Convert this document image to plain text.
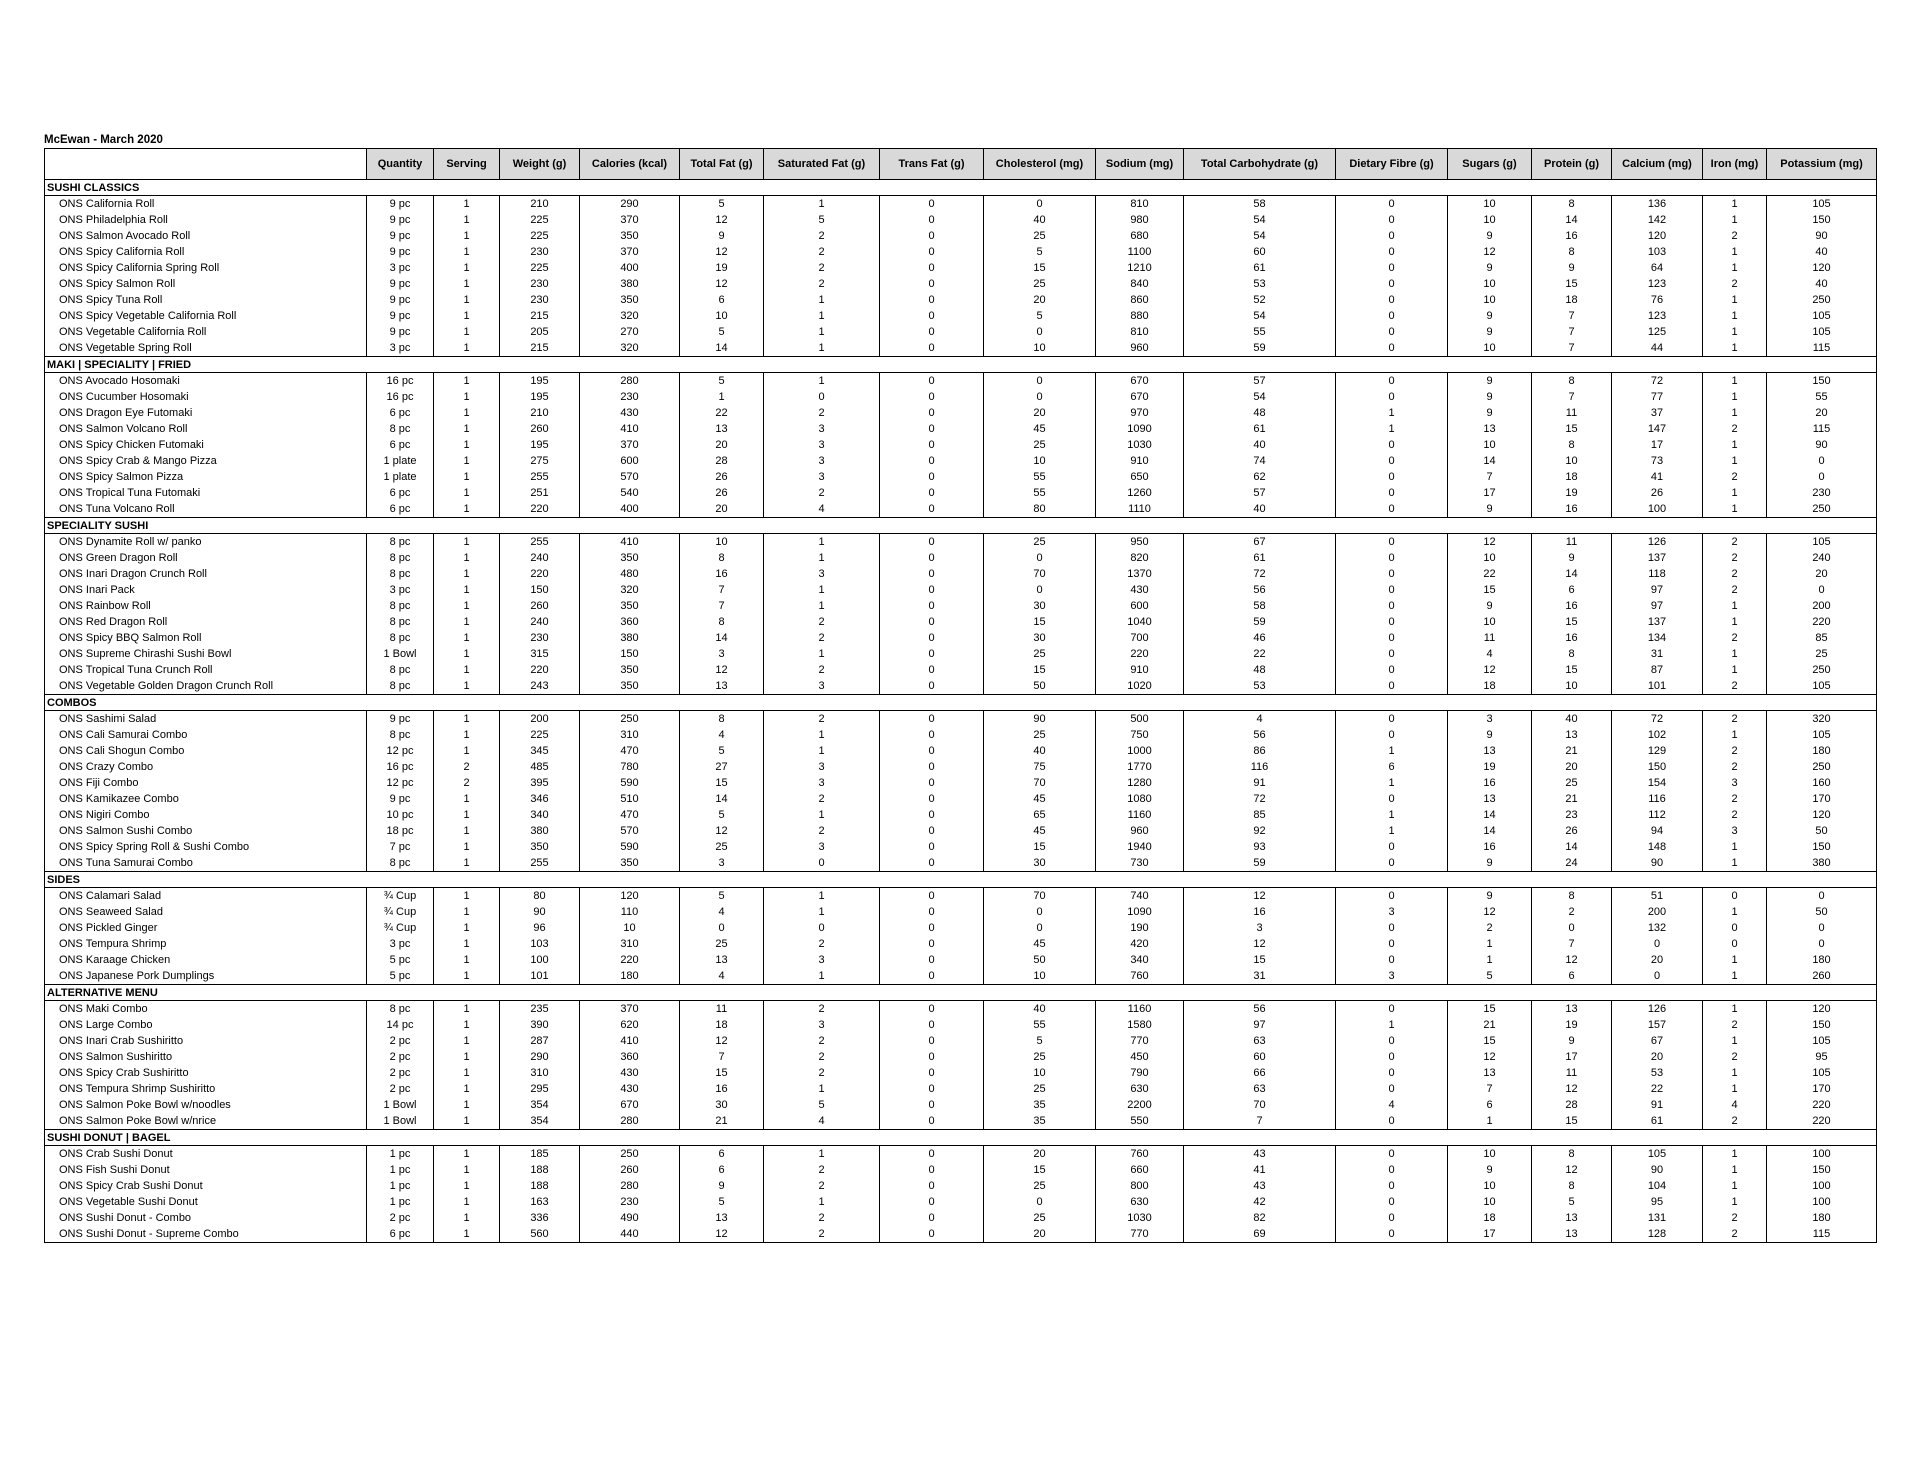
McEwan - March 2020
	Quantity	Serving	Weight (g)	Calories (kcal)	Total Fat (g)	Saturated Fat (g)	Trans Fat (g)	Cholesterol (mg)	Sodium (mg)	Total Carbohydrate (g)	Dietary Fibre (g)	Sugars (g)	Protein (g)	Calcium (mg)	Iron (mg)	Potassium (mg)
SUSHI CLASSICS																
ONS California Roll	9 pc	1	210	290	5	1	0	0	810	58	0	10	8	136	1	105
ONS Philadelphia Roll	9 pc	1	225	370	12	5	0	40	980	54	0	10	14	142	1	150
ONS Salmon Avocado Roll	9 pc	1	225	350	9	2	0	25	680	54	0	9	16	120	2	90
ONS Spicy California Roll	9 pc	1	230	370	12	2	0	5	1100	60	0	12	8	103	1	40
ONS Spicy California Spring Roll	3 pc	1	225	400	19	2	0	15	1210	61	0	9	9	64	1	120
ONS Spicy Salmon Roll	9 pc	1	230	380	12	2	0	25	840	53	0	10	15	123	2	40
ONS Spicy Tuna Roll	9 pc	1	230	350	6	1	0	20	860	52	0	10	18	76	1	250
ONS Spicy Vegetable California Roll	9 pc	1	215	320	10	1	0	5	880	54	0	9	7	123	1	105
ONS Vegetable California Roll	9 pc	1	205	270	5	1	0	0	810	55	0	9	7	125	1	105
ONS Vegetable Spring Roll	3 pc	1	215	320	14	1	0	10	960	59	0	10	7	44	1	115
MAKI | SPECIALITY | FRIED																
ONS Avocado Hosomaki	16 pc	1	195	280	5	1	0	0	670	57	0	9	8	72	1	150
ONS Cucumber Hosomaki	16 pc	1	195	230	1	0	0	0	670	54	0	9	7	77	1	55
ONS Dragon Eye Futomaki	6 pc	1	210	430	22	2	0	20	970	48	1	9	11	37	1	20
ONS Salmon Volcano Roll	8 pc	1	260	410	13	3	0	45	1090	61	1	13	15	147	2	115
ONS Spicy Chicken Futomaki	6 pc	1	195	370	20	3	0	25	1030	40	0	10	8	17	1	90
ONS Spicy Crab & Mango Pizza	1 plate	1	275	600	28	3	0	10	910	74	0	14	10	73	1	0
ONS Spicy Salmon Pizza	1 plate	1	255	570	26	3	0	55	650	62	0	7	18	41	2	0
ONS Tropical Tuna Futomaki	6 pc	1	251	540	26	2	0	55	1260	57	0	17	19	26	1	230
ONS Tuna Volcano Roll	6 pc	1	220	400	20	4	0	80	1110	40	0	9	16	100	1	250
SPECIALITY SUSHI																
ONS Dynamite Roll w/ panko	8 pc	1	255	410	10	1	0	25	950	67	0	12	11	126	2	105
ONS Green Dragon Roll	8 pc	1	240	350	8	1	0	0	820	61	0	10	9	137	2	240
ONS Inari Dragon Crunch Roll	8 pc	1	220	480	16	3	0	70	1370	72	0	22	14	118	2	20
ONS Inari Pack	3 pc	1	150	320	7	1	0	0	430	56	0	15	6	97	2	0
ONS Rainbow Roll	8 pc	1	260	350	7	1	0	30	600	58	0	9	16	97	1	200
ONS Red Dragon Roll	8 pc	1	240	360	8	2	0	15	1040	59	0	10	15	137	1	220
ONS Spicy BBQ Salmon Roll	8 pc	1	230	380	14	2	0	30	700	46	0	11	16	134	2	85
ONS Supreme Chirashi Sushi Bowl	1 Bowl	1	315	150	3	1	0	25	220	22	0	4	8	31	1	25
ONS Tropical Tuna Crunch Roll	8 pc	1	220	350	12	2	0	15	910	48	0	12	15	87	1	250
ONS Vegetable Golden Dragon Crunch Roll	8 pc	1	243	350	13	3	0	50	1020	53	0	18	10	101	2	105
COMBOS																
ONS Sashimi Salad	9 pc	1	200	250	8	2	0	90	500	4	0	3	40	72	2	320
ONS Cali Samurai Combo	8 pc	1	225	310	4	1	0	25	750	56	0	9	13	102	1	105
ONS Cali Shogun Combo	12 pc	1	345	470	5	1	0	40	1000	86	1	13	21	129	2	180
ONS Crazy Combo	16 pc	2	485	780	27	3	0	75	1770	116	6	19	20	150	2	250
ONS Fiji Combo	12 pc	2	395	590	15	3	0	70	1280	91	1	16	25	154	3	160
ONS Kamikazee Combo	9 pc	1	346	510	14	2	0	45	1080	72	0	13	21	116	2	170
ONS Nigiri Combo	10 pc	1	340	470	5	1	0	65	1160	85	1	14	23	112	2	120
ONS Salmon Sushi Combo	18 pc	1	380	570	12	2	0	45	960	92	1	14	26	94	3	50
ONS Spicy Spring Roll & Sushi Combo	7 pc	1	350	590	25	3	0	15	1940	93	0	16	14	148	1	150
ONS Tuna Samurai Combo	8 pc	1	255	350	3	0	0	30	730	59	0	9	24	90	1	380
SIDES																
ONS Calamari Salad	¾ Cup	1	80	120	5	1	0	70	740	12	0	9	8	51	0	0
ONS Seaweed Salad	¾ Cup	1	90	110	4	1	0	0	1090	16	3	12	2	200	1	50
ONS Pickled Ginger	¾ Cup	1	96	10	0	0	0	0	190	3	0	2	0	132	0	0
ONS Tempura Shrimp	3 pc	1	103	310	25	2	0	45	420	12	0	1	7	0	0	0
ONS Karaage Chicken	5 pc	1	100	220	13	3	0	50	340	15	0	1	12	20	1	180
ONS Japanese Pork Dumplings	5 pc	1	101	180	4	1	0	10	760	31	3	5	6	0	1	260
ALTERNATIVE MENU																
ONS Maki Combo	8 pc	1	235	370	11	2	0	40	1160	56	0	15	13	126	1	120
ONS Large Combo	14 pc	1	390	620	18	3	0	55	1580	97	1	21	19	157	2	150
ONS Inari Crab Sushiritto	2 pc	1	287	410	12	2	0	5	770	63	0	15	9	67	1	105
ONS Salmon Sushiritto	2 pc	1	290	360	7	2	0	25	450	60	0	12	17	20	2	95
ONS Spicy Crab Sushiritto	2 pc	1	310	430	15	2	0	10	790	66	0	13	11	53	1	105
ONS Tempura Shrimp Sushiritto	2 pc	1	295	430	16	1	0	25	630	63	0	7	12	22	1	170
ONS Salmon Poke Bowl w/noodles	1 Bowl	1	354	670	30	5	0	35	2200	70	4	6	28	91	4	220
ONS Salmon Poke Bowl w/nrice	1 Bowl	1	354	280	21	4	0	35	550	7	0	1	15	61	2	220
SUSHI DONUT | BAGEL																
ONS Crab Sushi Donut	1 pc	1	185	250	6	1	0	20	760	43	0	10	8	105	1	100
ONS Fish Sushi Donut	1 pc	1	188	260	6	2	0	15	660	41	0	9	12	90	1	150
ONS Spicy Crab Sushi Donut	1 pc	1	188	280	9	2	0	25	800	43	0	10	8	104	1	100
ONS Vegetable Sushi Donut	1 pc	1	163	230	5	1	0	0	630	42	0	10	5	95	1	100
ONS Sushi Donut - Combo	2 pc	1	336	490	13	2	0	25	1030	82	0	18	13	131	2	180
ONS Sushi Donut - Supreme Combo	6 pc	1	560	440	12	2	0	20	770	69	0	17	13	128	2	115
